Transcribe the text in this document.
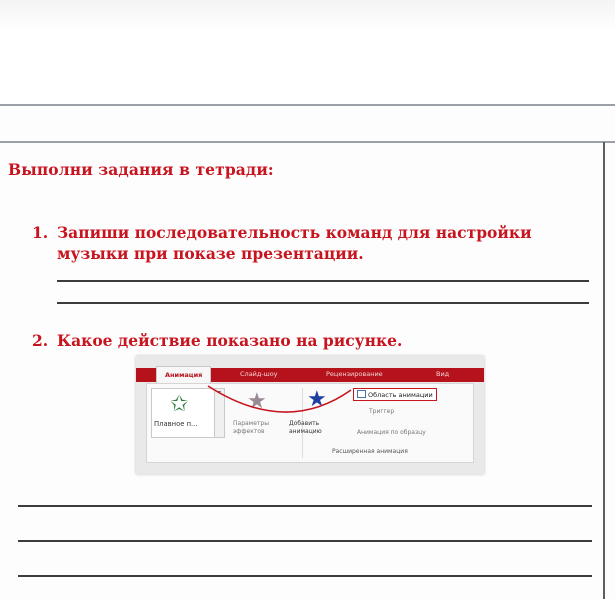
Выполни задания в тетради:
1. Запиши последовательность команд для настройки музыки при показе презентации.
2. Какое действие показано на рисунке.
Анимация	Слайд-шоу	Рецензирование	Вид
✩
Плавное п...
▾ ★
Параметры эффектов
★
Добавить анимацию
Область анимации
Триггер
Анимация по образцу
Расширенная анимация
